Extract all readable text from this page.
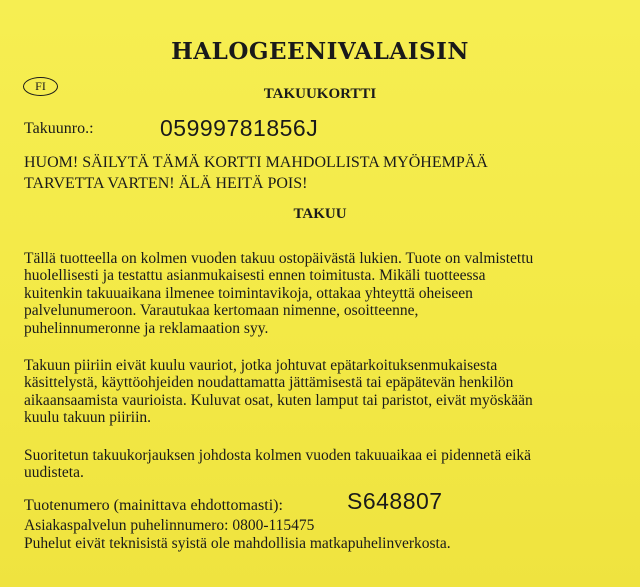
HALOGEENIVALAISIN
FI	TAKUUKORTTI
Takuunro.:	05999781856J
HUOM! SÄILYTÄ TÄMÄ KORTTI MAHDOLLISTA MYÖHEMPÄÄ
TARVETTA VARTEN! ÄLÄ HEITÄ POIS!
TAKUU
Tällä tuotteella on kolmen vuoden takuu ostopäivästä lukien. Tuote on valmistettu
huolellisesti ja testattu asianmukaisesti ennen toimitusta. Mikäli tuotteessa
kuitenkin takuuaikana ilmenee toimintavikoja, ottakaa yhteyttä oheiseen
palvelunumeroon. Varautukaa kertomaan nimenne, osoitteenne,
puhelinnumeronne ja reklamaation syy.
Takuun piiriin eivät kuulu vauriot, jotka johtuvat epätarkoituksenmukaisesta
käsittelystä, käyttöohjeiden noudattamatta jättämisestä tai epäpätevän henkilön
aikaansaamista vaurioista. Kuluvat osat, kuten lamput tai paristot, eivät myöskään
kuulu takuun piiriin.
Suoritetun takuukorjauksen johdosta kolmen vuoden takuuaikaa ei pidennetä eikä
uudisteta.
Tuotenumero (mainittava ehdottomasti):	S648807
Asiakaspalvelun puhelinnumero: 0800-115475
Puhelut eivät teknisistä syistä ole mahdollisia matkapuhelinverkosta.
